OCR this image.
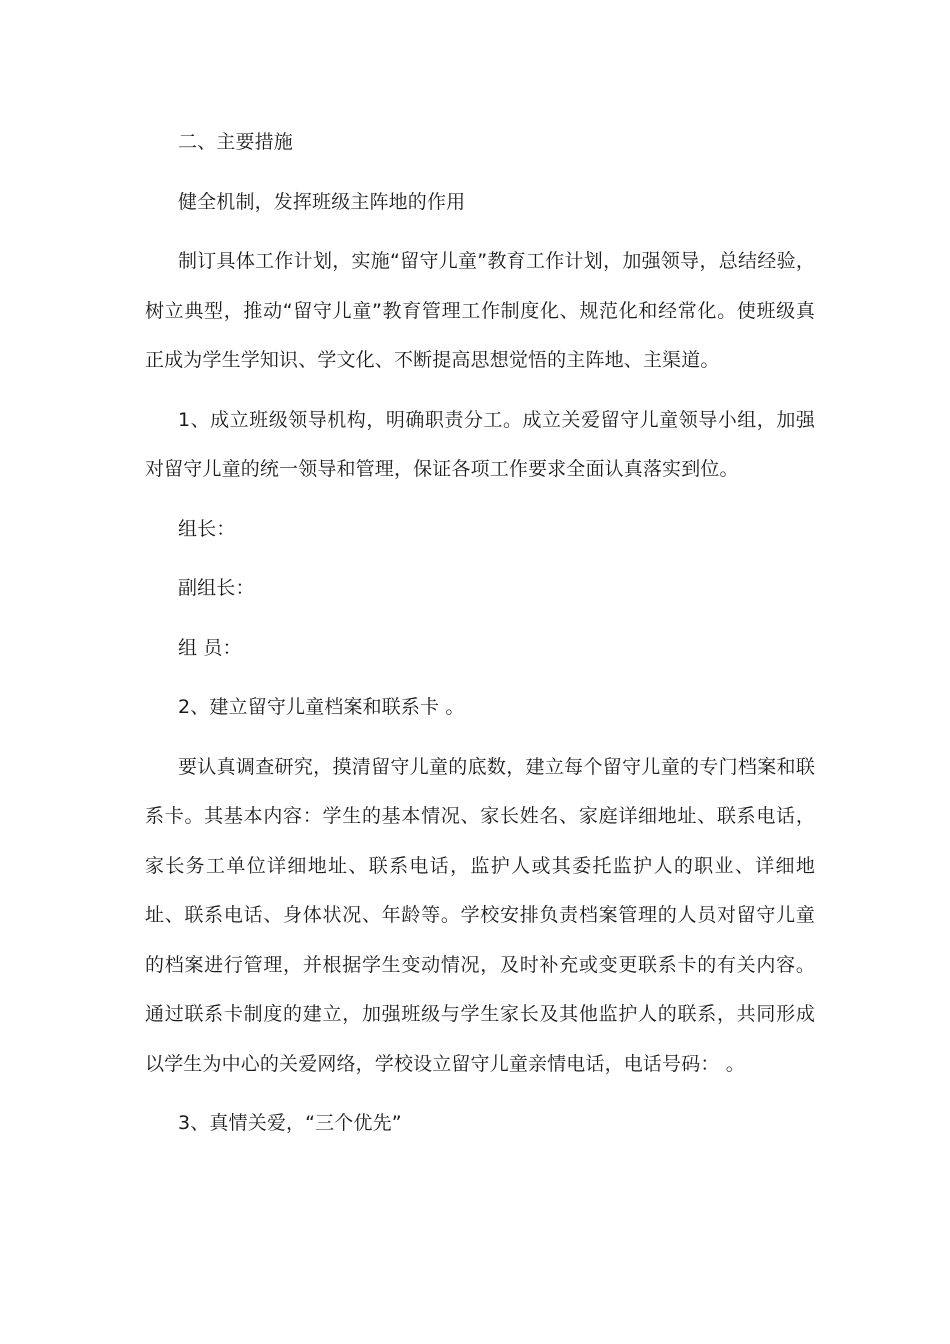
二、主要措施

健全机制，发挥班级主阵地的作用

制订具体工作计划，实施“留守儿童”教育工作计划，加强领导，总结经验，树立典型，推动“留守儿童”教育管理工作制度化、规范化和经常化。使班级真正成为学生学知识、学文化、不断提高思想觉悟的主阵地、主渠道。

1、成立班级领导机构，明确职责分工。成立关爱留守儿童领导小组，加强对留守儿童的统一领导和管理，保证各项工作要求全面认真落实到位。

组长：

副组长：

组 员：

2、建立留守儿童档案和联系卡 。

要认真调查研究，摸清留守儿童的底数，建立每个留守儿童的专门档案和联系卡。其基本内容：学生的基本情况、家长姓名、家庭详细地址、联系电话，家长务工单位详细地址、联系电话，监护人或其委托监护人的职业、详细地址、联系电话、身体状况、年龄等。学校安排负责档案管理的人员对留守儿童的档案进行管理，并根据学生变动情况，及时补充或变更联系卡的有关内容。通过联系卡制度的建立，加强班级与学生家长及其他监护人的联系，共同形成以学生为中心的关爱网络，学校设立留守儿童亲情电话，电话号码： 。

3、真情关爱，“三个优先”
